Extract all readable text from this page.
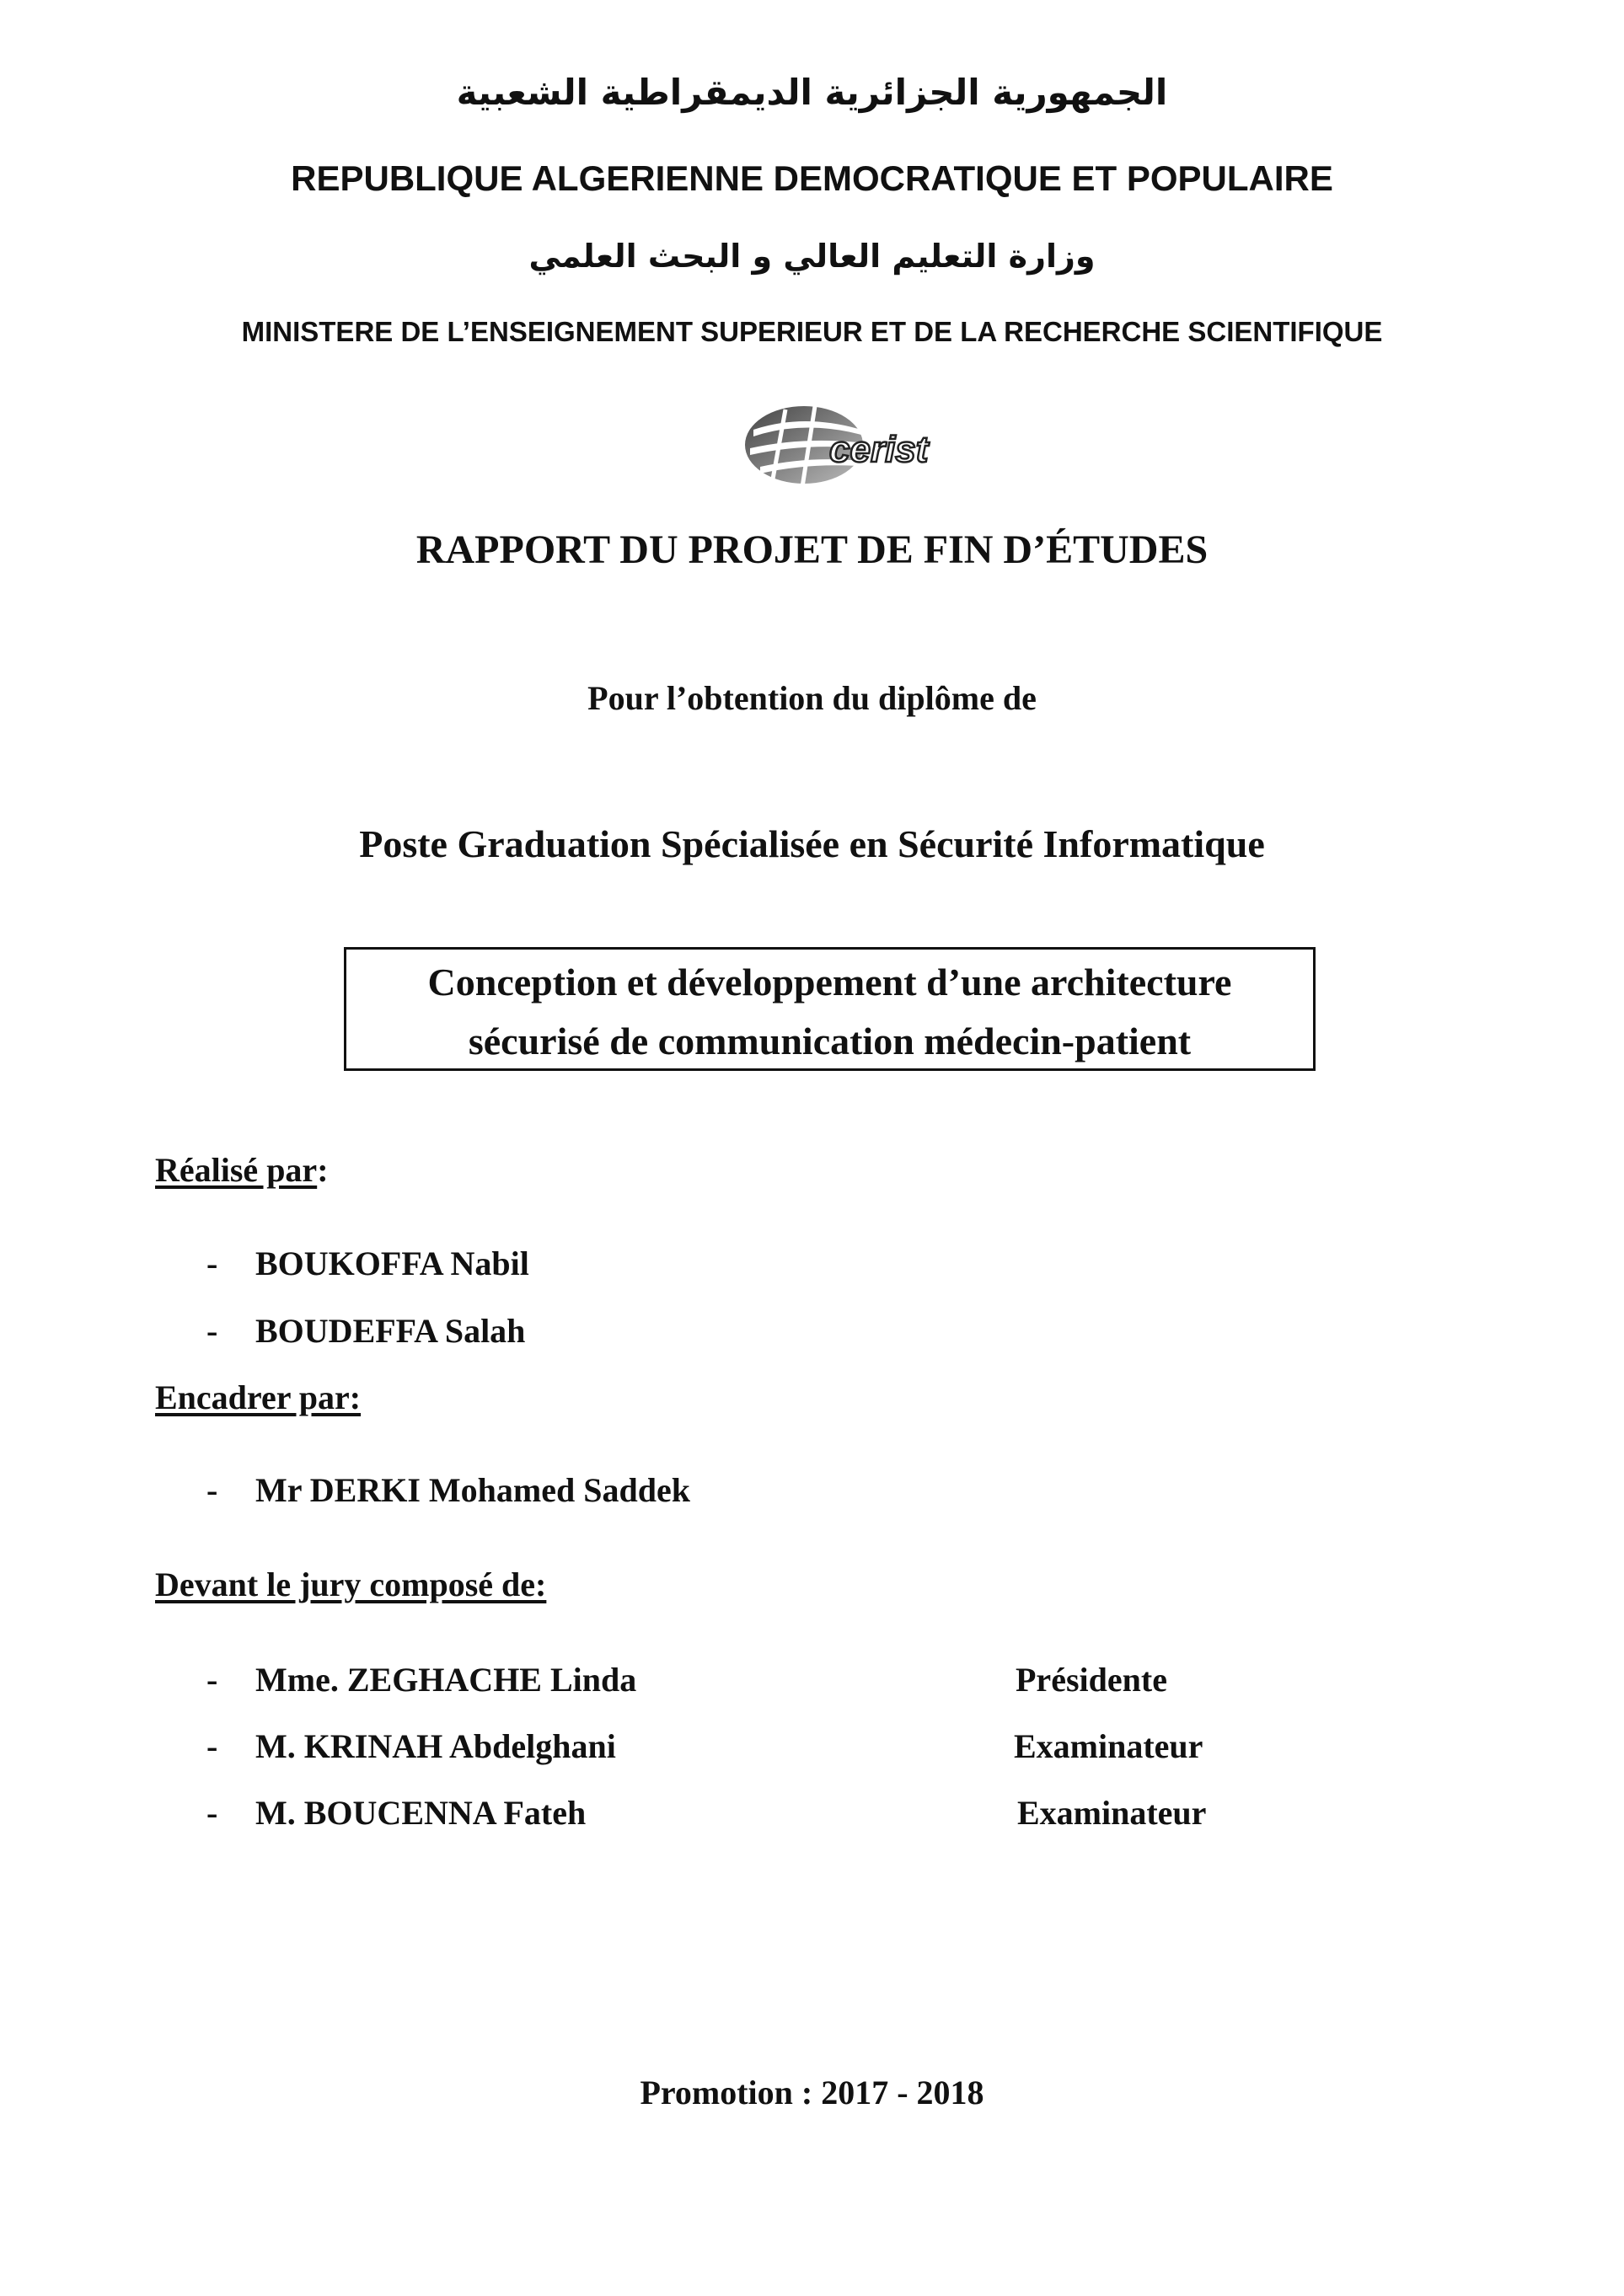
الجمهورية الجزائرية الديمقراطية الشعبية
REPUBLIQUE ALGERIENNE DEMOCRATIQUE ET POPULAIRE
وزارة التعليم العالي و البحث العلمي
MINISTERE DE L’ENSEIGNEMENT SUPERIEUR ET DE LA RECHERCHE SCIENTIFIQUE
cerist
RAPPORT DU PROJET DE FIN D’ÉTUDES
Pour l’obtention du diplôme de
Poste Graduation Spécialisée en Sécurité Informatique
Conception et développement d’une architecture
sécurisé de communication médecin-patient
Réalisé par:
- BOUKOFFA Nabil
- BOUDEFFA Salah
Encadrer par:
- Mr DERKI Mohamed Saddek
Devant le jury composé de:
- Mme. ZEGHACHE Linda	Présidente
- M. KRINAH Abdelghani	Examinateur
- M. BOUCENNA Fateh	Examinateur
Promotion : 2017 - 2018
